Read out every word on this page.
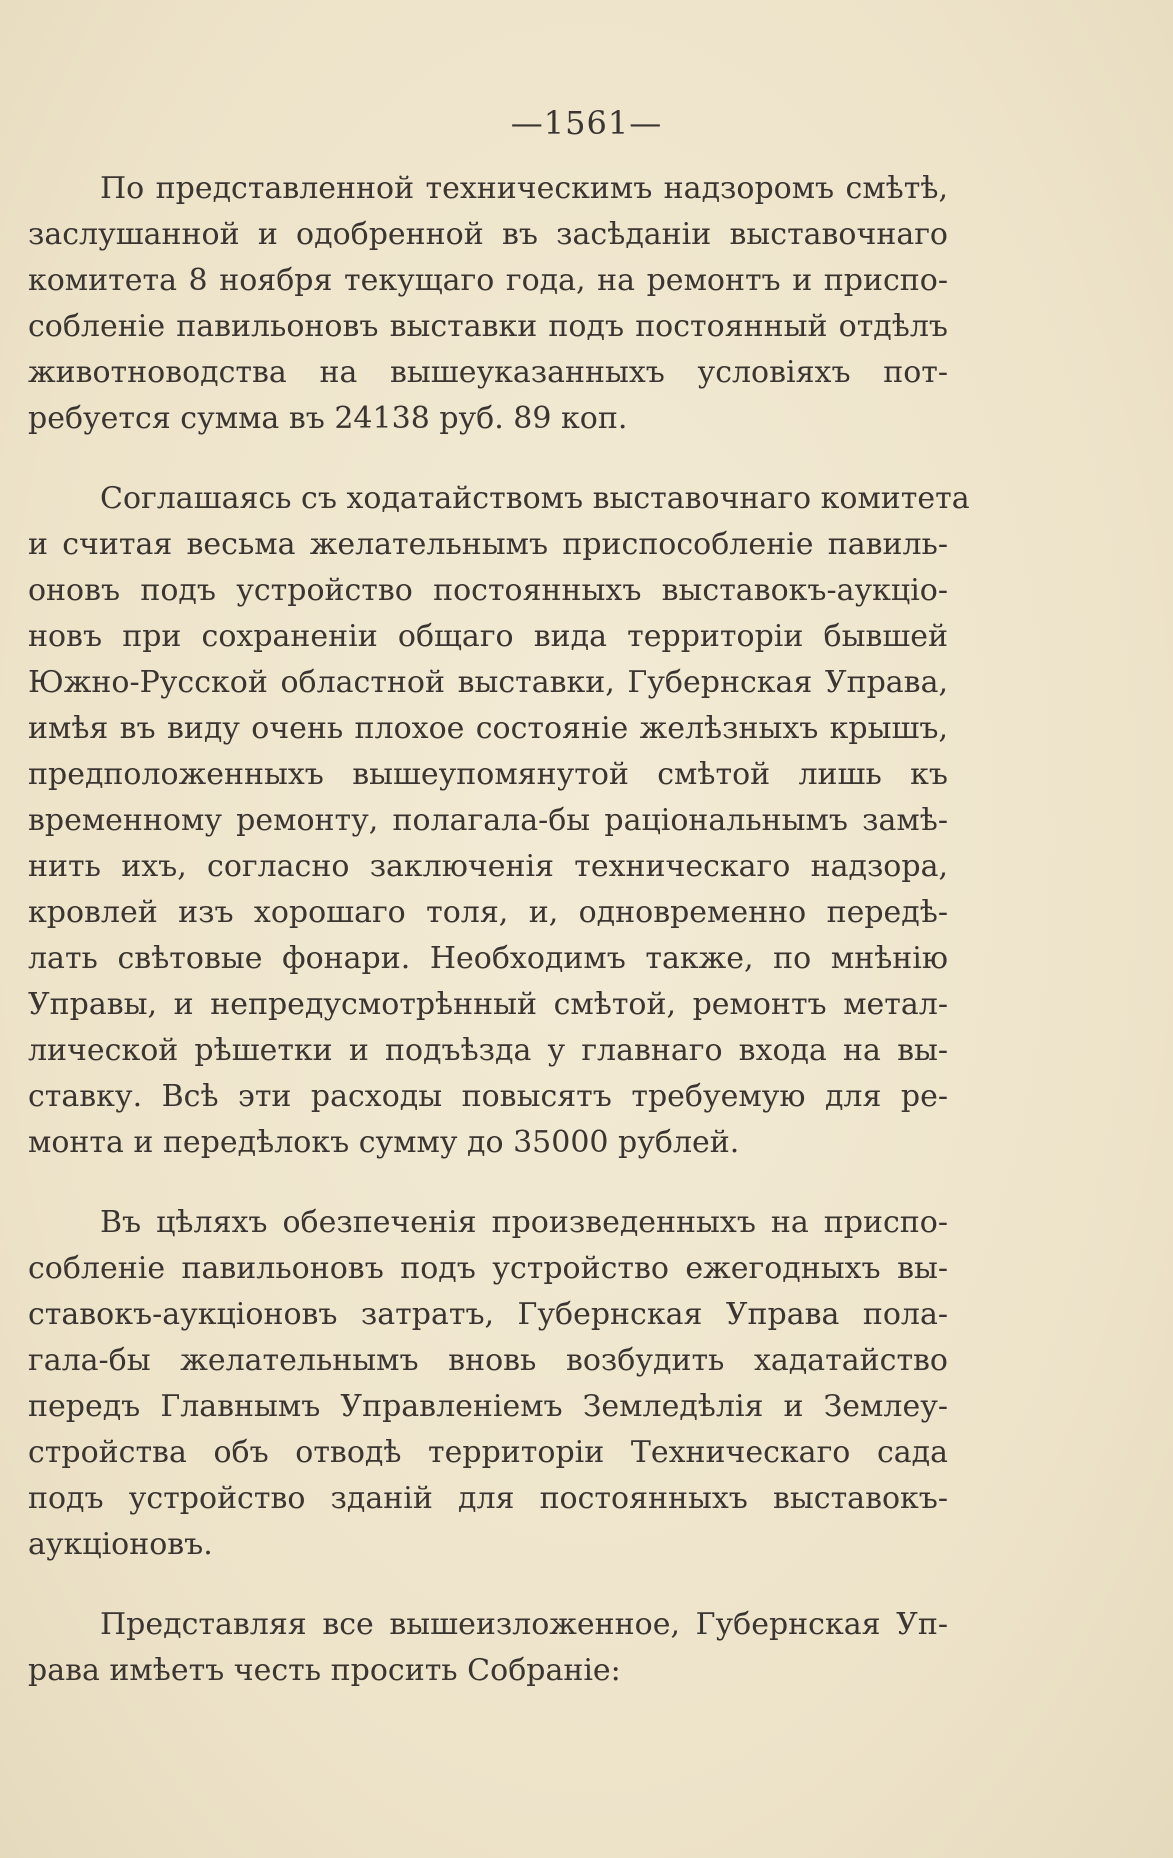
—1561—
По представленной техническимъ надзоромъ смѣтѣ,
заслушанной и одобренной въ засѣданіи выставочнаго
комитета 8 ноября текущаго года, на ремонтъ и приспо-
собленіе павильоновъ выставки подъ постоянный отдѣлъ
животноводства на вышеуказанныхъ условіяхъ пот-
ребуется сумма въ 24138 руб. 89 коп.
Соглашаясь съ ходатайствомъ выставочнаго комитета
и считая весьма желательнымъ приспособленіе павиль-
оновъ подъ устройство постоянныхъ выставокъ-аукціо-
новъ при сохраненіи общаго вида территоріи бывшей
Южно-Русской областной выставки, Губернская Управа,
имѣя въ виду очень плохое состояніе желѣзныхъ крышъ,
предположенныхъ вышеупомянутой смѣтой лишь къ
временному ремонту, полагала-бы раціональнымъ замѣ-
нить ихъ, согласно заключенія техническаго надзора,
кровлей изъ хорошаго толя, и, одновременно передѣ-
лать свѣтовые фонари. Необходимъ также, по мнѣнію
Управы, и непредусмотрѣнный смѣтой, ремонтъ метал-
лической рѣшетки и подъѣзда у главнаго входа на вы-
ставку. Всѣ эти расходы повысятъ требуемую для ре-
монта и передѣлокъ сумму до 35000 рублей.
Въ цѣляхъ обезпеченія произведенныхъ на приспо-
собленіе павильоновъ подъ устройство ежегодныхъ вы-
ставокъ-аукціоновъ затратъ, Губернская Управа пола-
гала-бы желательнымъ вновь возбудить хадатайство
передъ Главнымъ Управленіемъ Земледѣлія и Землеу-
стройства объ отводѣ территоріи Техническаго сада
подъ устройство зданій для постоянныхъ выставокъ-
аукціоновъ.
Представляя все вышеизложенное, Губернская Уп-
рава имѣетъ честь просить Собраніе:
